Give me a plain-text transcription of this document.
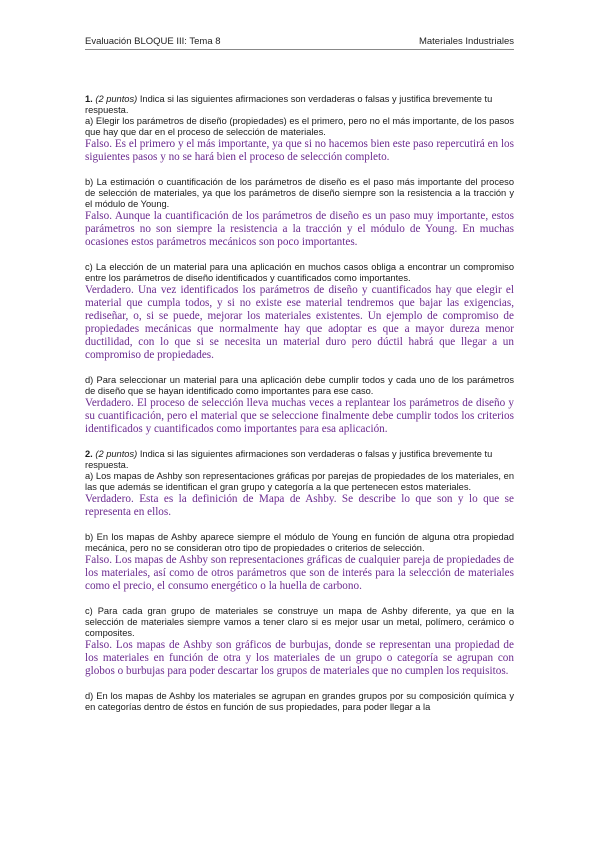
Evaluación BLOQUE III: Tema 8	Materiales Industriales

1. (2 puntos) Indica si las siguientes afirmaciones son verdaderas o falsas y justifica brevemente tu respuesta.

a) Elegir los parámetros de diseño (propiedades) es el primero, pero no el más importante, de los pasos que hay que dar en el proceso de selección de materiales.

Falso. Es el primero y el más importante, ya que si no hacemos bien este paso repercutirá en los siguientes pasos y no se hará bien el proceso de selección completo.

b) La estimación o cuantificación de los parámetros de diseño es el paso más importante del proceso de selección de materiales, ya que los parámetros de diseño siempre son la resistencia a la tracción y el módulo de Young.

Falso. Aunque la cuantificación de los parámetros de diseño es un paso muy importante, estos parámetros no son siempre la resistencia a la tracción y el módulo de Young. En muchas ocasiones estos parámetros mecánicos son poco importantes.

c) La elección de un material para una aplicación en muchos casos obliga a encontrar un compromiso entre los parámetros de diseño identificados y cuantificados como importantes.

Verdadero. Una vez identificados los parámetros de diseño y cuantificados hay que elegir el material que cumpla todos, y si no existe ese material tendremos que bajar las exigencias, rediseñar, o, si se puede, mejorar los materiales existentes. Un ejemplo de compromiso de propiedades mecánicas que normalmente hay que adoptar es que a mayor dureza menor ductilidad, con lo que si se necesita un material duro pero dúctil habrá que llegar a un compromiso de propiedades.

d) Para seleccionar un material para una aplicación debe cumplir todos y cada uno de los parámetros de diseño que se hayan identificado como importantes para ese caso.

Verdadero. El proceso de selección lleva muchas veces a replantear los parámetros de diseño y su cuantificación, pero el material que se seleccione finalmente debe cumplir todos los criterios identificados y cuantificados como importantes para esa aplicación.

2. (2 puntos) Indica si las siguientes afirmaciones son verdaderas o falsas y justifica brevemente tu respuesta.

a) Los mapas de Ashby son representaciones gráficas por parejas de propiedades de los materiales, en las que además se identifican el gran grupo y categoría a la que pertenecen estos materiales.

Verdadero. Esta es la definición de Mapa de Ashby. Se describe lo que son y lo que se representa en ellos.

b) En los mapas de Ashby aparece siempre el módulo de Young en función de alguna otra propiedad mecánica, pero no se consideran otro tipo de propiedades o criterios de selección.

Falso. Los mapas de Ashby son representaciones gráficas de cualquier pareja de propiedades de los materiales, así como de otros parámetros que son de interés para la selección de materiales como el precio, el consumo energético o la huella de carbono.

c) Para cada gran grupo de materiales se construye un mapa de Ashby diferente, ya que en la selección de materiales siempre vamos a tener claro si es mejor usar un metal, polímero, cerámico o composites.

Falso. Los mapas de Ashby son gráficos de burbujas, donde se representan una propiedad de los materiales en función de otra y los materiales de un grupo o categoría se agrupan con globos o burbujas para poder descartar los grupos de materiales que no cumplen los requisitos.

d) En los mapas de Ashby los materiales se agrupan en grandes grupos por su composición química y en categorías dentro de éstos en función de sus propiedades, para poder llegar a la
